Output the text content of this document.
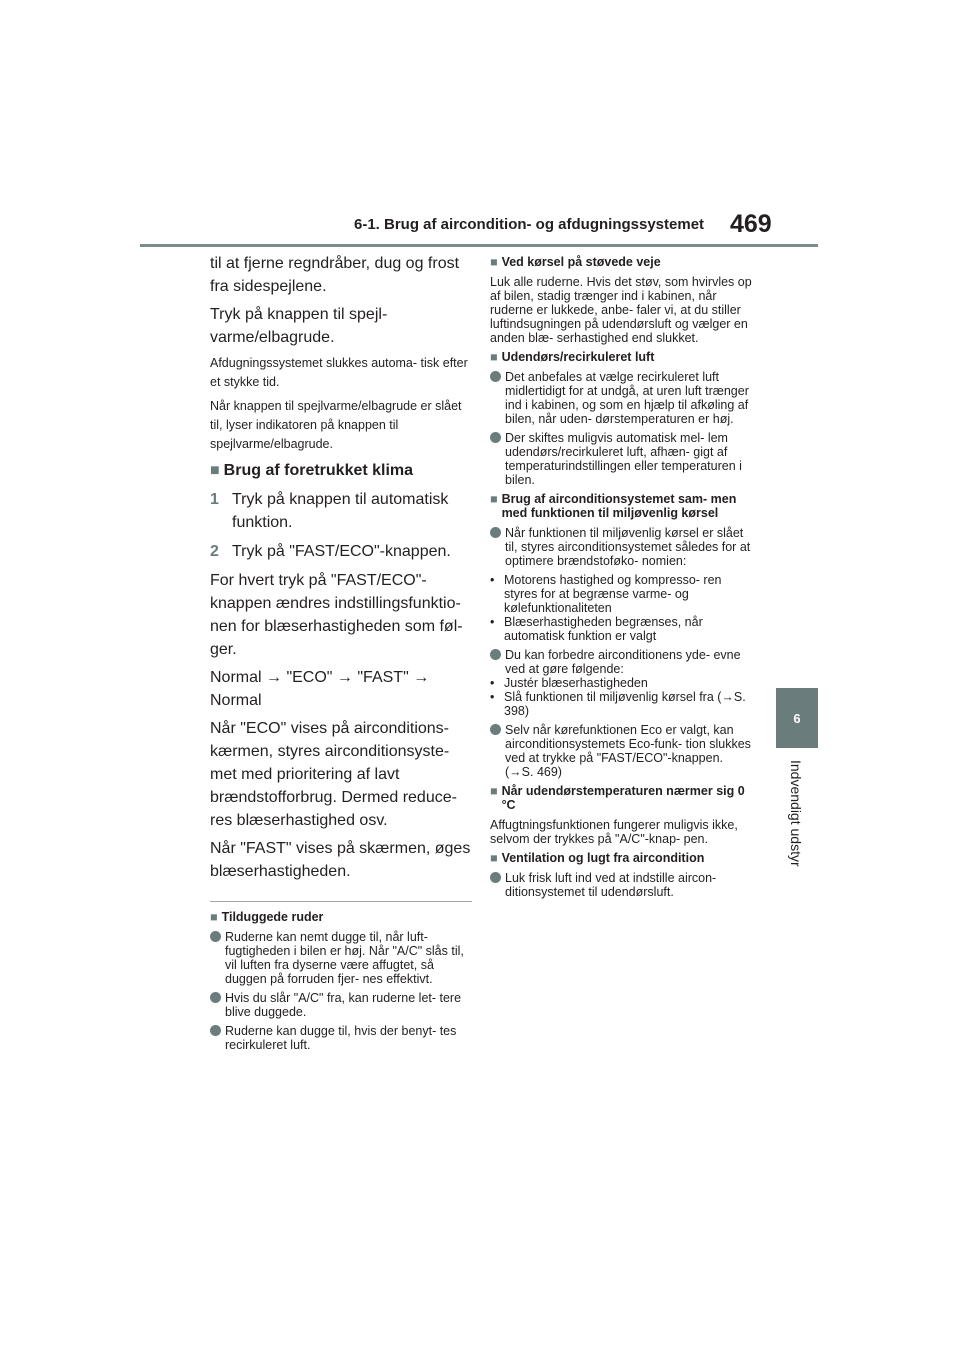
6-1. Brug af aircondition- og afdugningssystemet 469
6
Indvendigt udstyr

til at fjerne regndråber, dug og frost fra sidespejlene.

Tryk på knappen til spejl- varme/elbagrude.

Afdugningssystemet slukkes automa- tisk efter et stykke tid.

Når knappen til spejlvarme/elbagrude er slået til, lyser indikatoren på knappen til spejlvarme/elbagrude.

■ Brug af foretrukket klima
1 Tryk på knappen til automatisk funktion.
2 Tryk på "FAST/ECO"-knappen.

For hvert tryk på "FAST/ECO"- knappen ændres indstillingsfunktio- nen for blæserhastigheden som føl- ger.

Normal → "ECO" → "FAST" → Normal

Når "ECO" vises på airconditions- kærmen, styres airconditionsyste- met med prioritering af lavt brændstofforbrug. Dermed reduce- res blæserhastighed osv.

Når "FAST" vises på skærmen, øges blæserhastigheden.

■ Tilduggede ruder
Ruderne kan nemt dugge til, når luft- fugtigheden i bilen er høj. Når "A/C" slås til, vil luften fra dyserne være affugtet, så duggen på forruden fjer- nes effektivt.
Hvis du slår "A/C" fra, kan ruderne let- tere blive duggede.
Ruderne kan dugge til, hvis der benyt- tes recirkuleret luft.
■ Ved kørsel på støvede veje

Luk alle ruderne. Hvis det støv, som hvirvles op af bilen, stadig trænger ind i kabinen, når ruderne er lukkede, anbe- faler vi, at du stiller luftindsugningen på udendørsluft og vælger en anden blæ- serhastighed end slukket.

■ Udendørs/recirkuleret luft
Det anbefales at vælge recirkuleret luft midlertidigt for at undgå, at uren luft trænger ind i kabinen, og som en hjælp til afkøling af bilen, når uden- dørstemperaturen er høj.
Der skiftes muligvis automatisk mel- lem udendørs/recirkuleret luft, afhæn- gigt af temperaturindstillingen eller temperaturen i bilen.
■ Brug af airconditionsystemet sam- men med funktionen til miljøvenlig kørsel
Når funktionen til miljøvenlig kørsel er slået til, styres airconditionsystemet således for at optimere brændstoføko- nomien:
• Motorens hastighed og kompresso- ren styres for at begrænse varme- og kølefunktionaliteten
• Blæserhastigheden begrænses, når automatisk funktion er valgt
Du kan forbedre airconditionens yde- evne ved at gøre følgende:
• Justér blæserhastigheden
• Slå funktionen til miljøvenlig kørsel fra (→S. 398)
Selv når kørefunktionen Eco er valgt, kan airconditionsystemets Eco-funk- tion slukkes ved at trykke på "FAST/ECO"-knappen. (→S. 469)
■ Når udendørstemperaturen nærmer sig 0 °C

Affugtningsfunktionen fungerer muligvis ikke, selvom der trykkes på "A/C"-knap- pen.

■ Ventilation og lugt fra aircondition
Luk frisk luft ind ved at indstille aircon- ditionsystemet til udendørsluft.
